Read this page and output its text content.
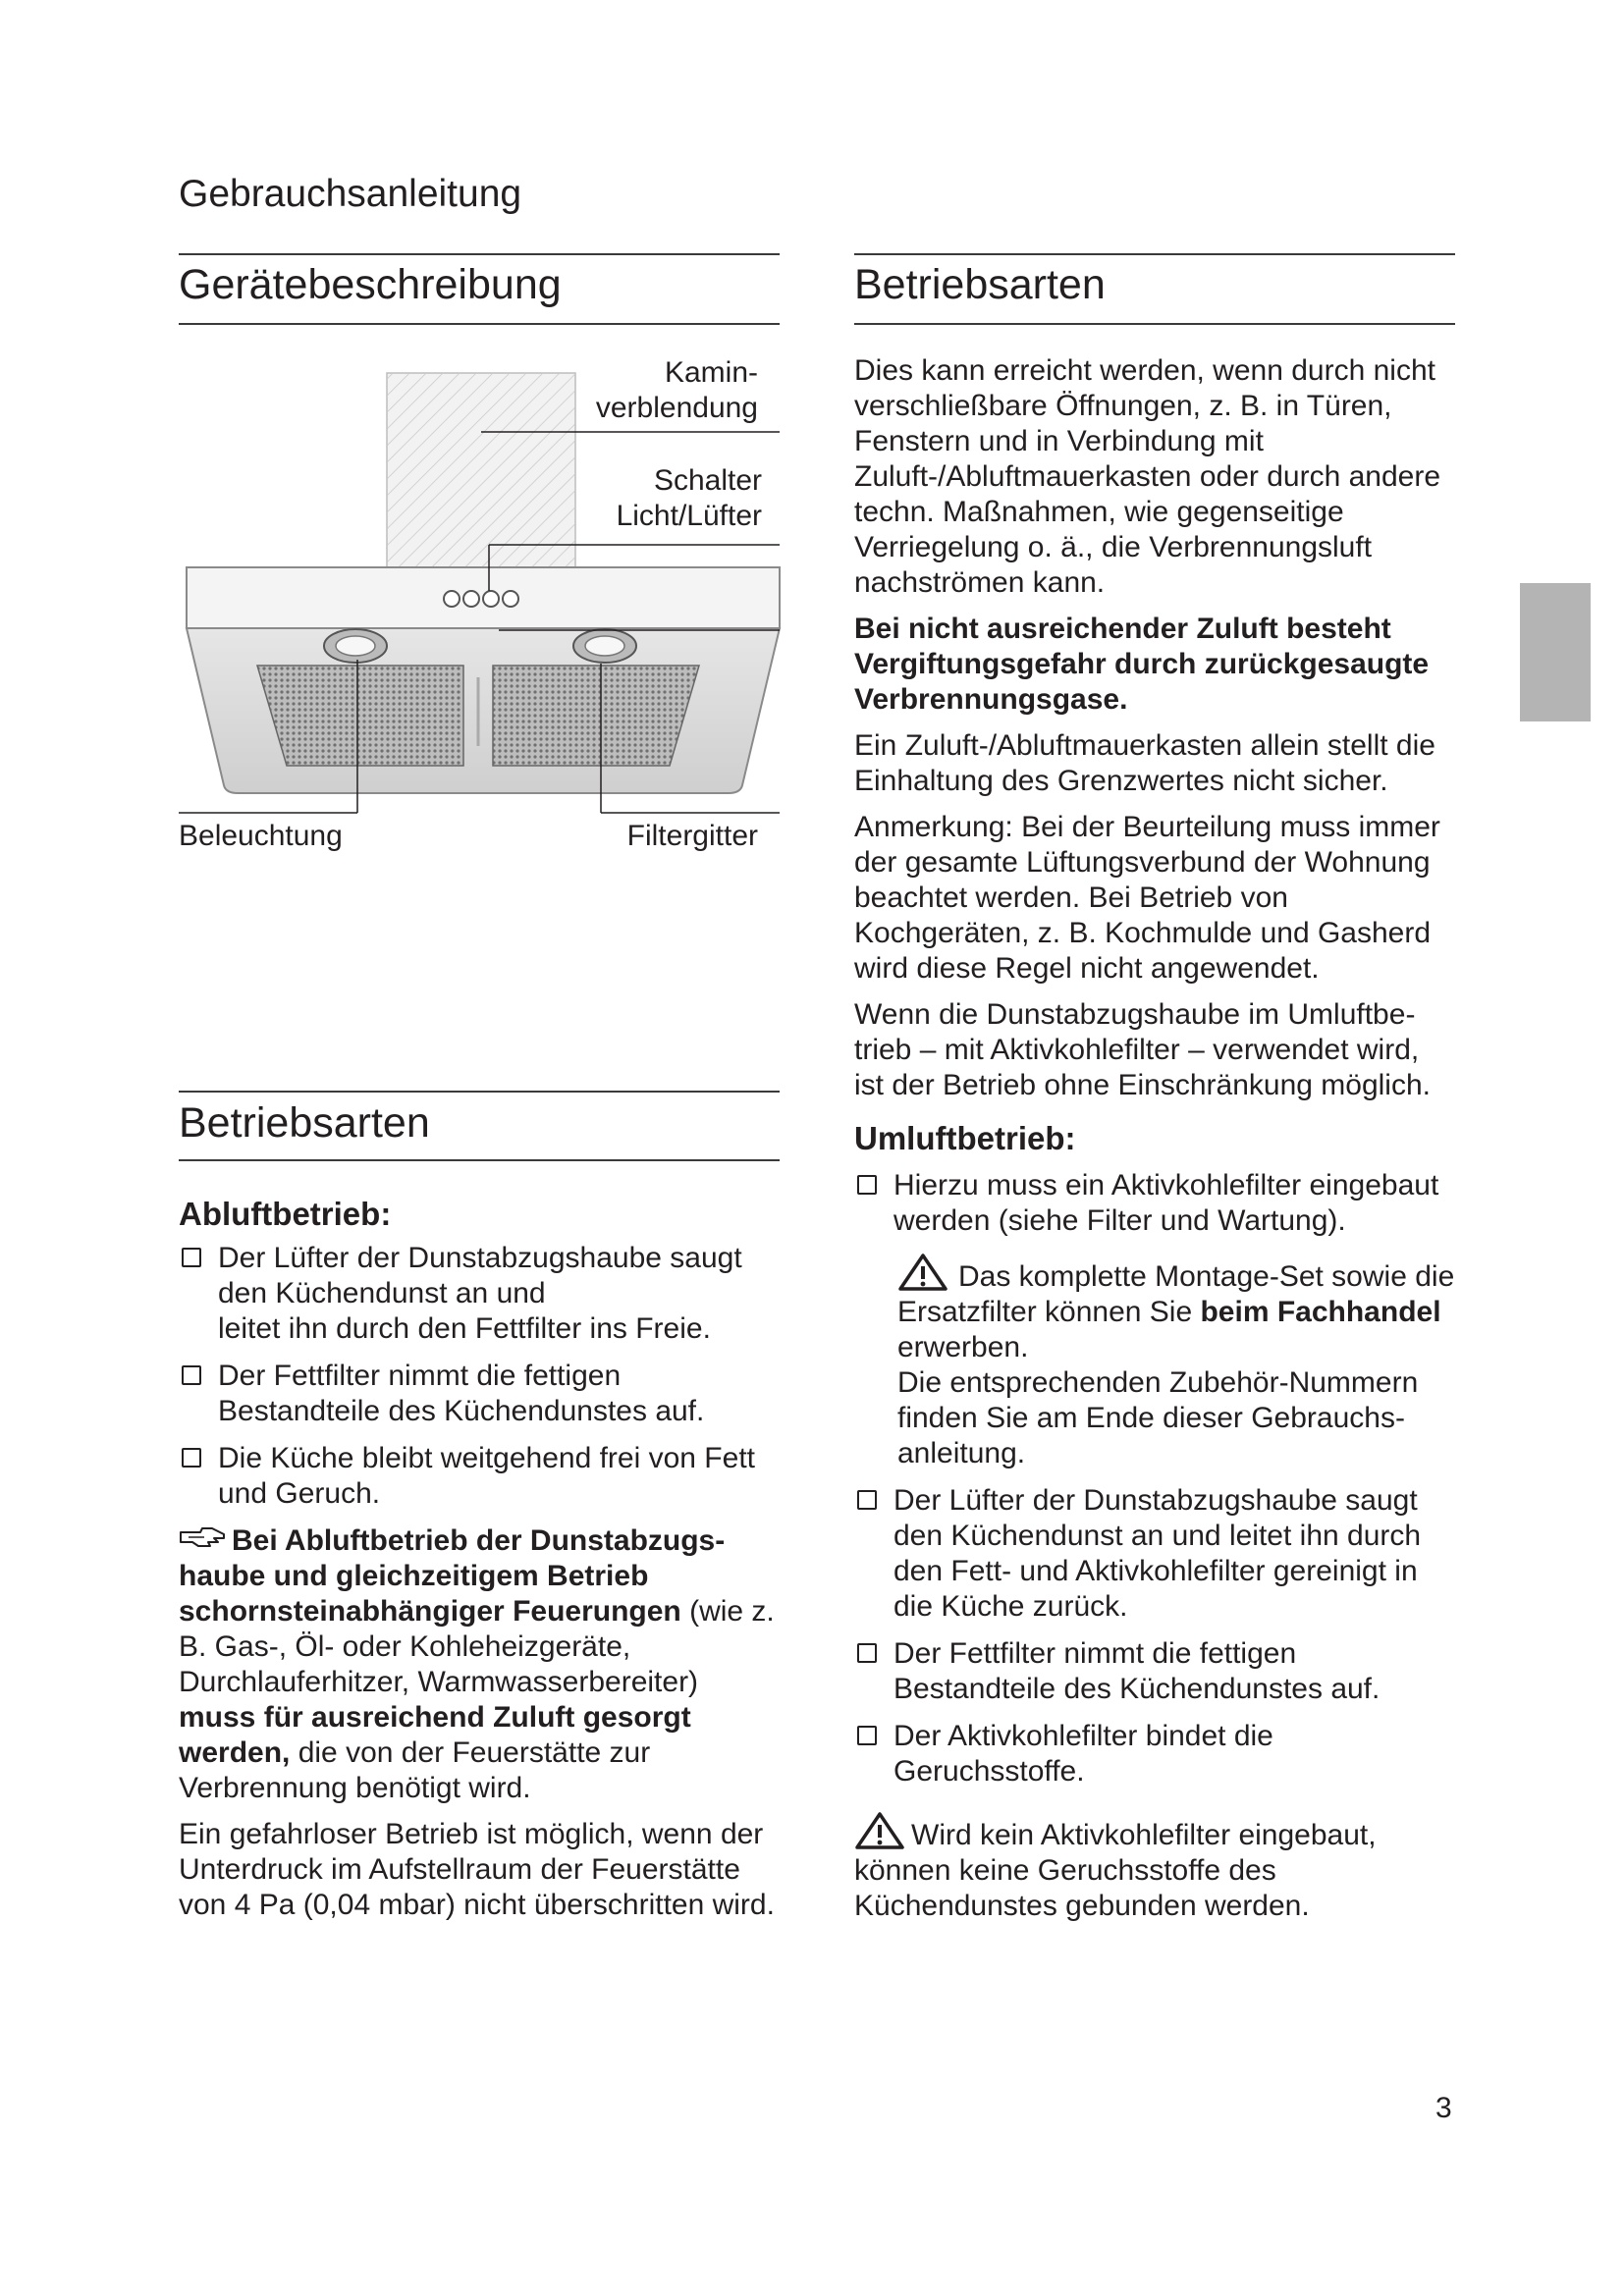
Gebrauchsanleitung
Gerätebeschreibung	Betriebsarten
Betriebsarten
Kamin-
verblendung
Schalter
Licht/Lüfter
Beleuchtung	Filtergitter
Abluftbetrieb:
Der Lüfter der Dunstabzugshaube saugt den Küchendunst an und
leitet ihn durch den Fettfilter ins Freie.
Der Fettfilter nimmt die fettigen Bestandteile des Küchendunstes auf.
Die Küche bleibt weitgehend frei von Fett und Geruch.

Bei Abluftbetrieb der Dunstabzugshaube und gleichzeitigem Betrieb schornsteinabhängiger Feuerungen (wie z. B. Gas-, Öl- oder Kohleheizgeräte, Durchlauferhitzer, Warmwasserbereiter) muss für ausreichend Zuluft gesorgt werden, die von der Feuerstätte zur Verbrennung benötigt wird.

Ein gefahrloser Betrieb ist möglich, wenn der Unterdruck im Aufstellraum der Feuerstätte von 4 Pa (0,04 mbar) nicht überschritten wird.

Dies kann erreicht werden, wenn durch nicht verschließbare Öffnungen, z. B. in Türen, Fenstern und in Verbindung mit Zuluft-/Abluftmauerkasten oder durch andere techn. Maßnahmen, wie gegenseitige Verriegelung o. ä., die Verbrennungsluft nachströmen kann.

Bei nicht ausreichender Zuluft besteht Vergiftungsgefahr durch zurückgesaugte Verbrennungsgase.

Ein Zuluft-/Abluftmauerkasten allein stellt die Einhaltung des Grenzwertes nicht sicher.

Anmerkung: Bei der Beurteilung muss immer der gesamte Lüftungsverbund der Wohnung beachtet werden. Bei Betrieb von Kochgeräten, z. B. Kochmulde und Gasherd wird diese Regel nicht angewendet.

Wenn die Dunstabzugshaube im Umluftbetrieb – mit Aktivkohlefilter – verwendet wird, ist der Betrieb ohne Einschränkung möglich.

Umluftbetrieb:
Hierzu muss ein Aktivkohlefilter eingebaut werden (siehe Filter und Wartung).
Das komplette Montage-Set sowie die Ersatzfilter können Sie beim Fachhandel erwerben.
Die entsprechenden Zubehör-Nummern finden Sie am Ende dieser Gebrauchsanleitung.
Der Lüfter der Dunstabzugshaube saugt den Küchendunst an und leitet ihn durch den Fett- und Aktivkohlefilter gereinigt in die Küche zurück.
Der Fettfilter nimmt die fettigen Bestandteile des Küchendunstes auf.
Der Aktivkohlefilter bindet die Geruchsstoffe.

Wird kein Aktivkohlefilter eingebaut, können keine Geruchsstoffe des Küchendunstes gebunden werden.

3
